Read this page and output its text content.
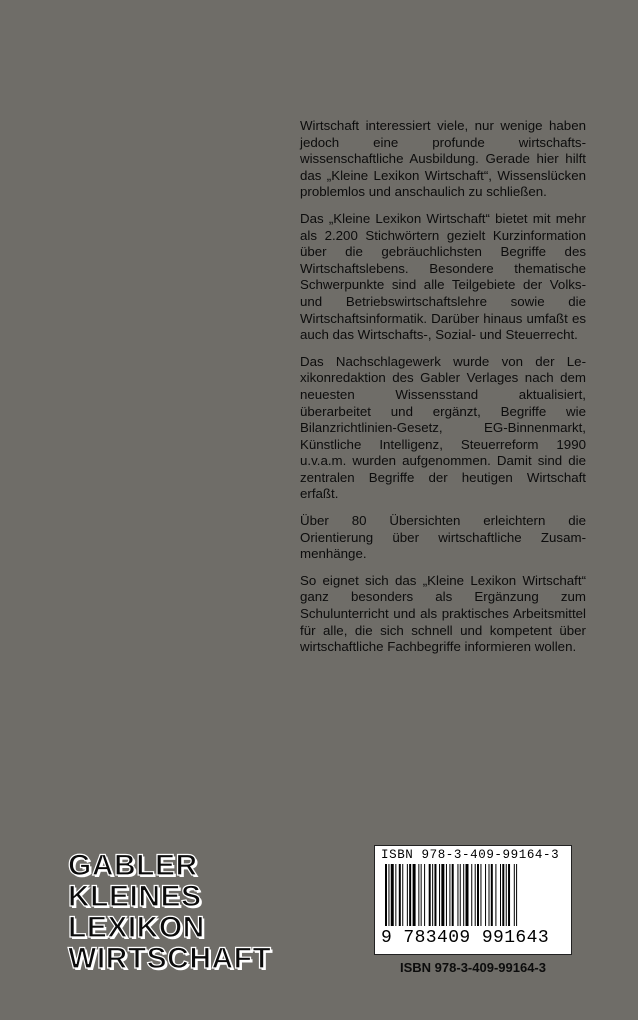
Wirtschaft interessiert viele, nur wenige haben jedoch eine profunde wirtschaftswissenschaftliche Ausbildung. Gerade hier hilft das „Kleine Lexikon Wirtschaft“, Wissenslücken problemlos und anschaulich zu schließen.

Das „Kleine Lexikon Wirtschaft“ bietet mit mehr als 2.200 Stichwörtern gezielt Kurzinformation über die gebräuchlichsten Begriffe des Wirtschaftslebens. Besondere thematische Schwerpunkte sind alle Teilgebiete der Volks- und Betriebswirtschaftslehre sowie die Wirtschaftsinformatik. Darüber hinaus umfaßt es auch das Wirtschafts-, Sozial- und Steuerrecht.

Das Nachschlagewerk wurde von der Lexikonredaktion des Gabler Verlages nach dem neuesten Wissensstand aktualisiert, überarbeitet und ergänzt, Begriffe wie Bilanzrichtlinien-Gesetz, EG-Binnenmarkt, Künstliche Intelligenz, Steuerreform 1990 u.v.a.m. wurden aufgenommen. Damit sind die zentralen Begriffe der heutigen Wirtschaft erfaßt.

Über 80 Übersichten erleichtern die Orientierung über wirtschaftliche Zusammenhänge.

So eignet sich das „Kleine Lexikon Wirtschaft“ ganz besonders als Ergänzung zum Schulunterricht und als praktisches Arbeitsmittel für alle, die sich schnell und kompetent über wirtschaftliche Fachbegriffe informieren wollen.

GABLER
KLEINES
LEXIKON
WIRTSCHAFT
ISBN 978-3-409-99164-3
9 783409 991643
ISBN 978-3-409-99164-3
